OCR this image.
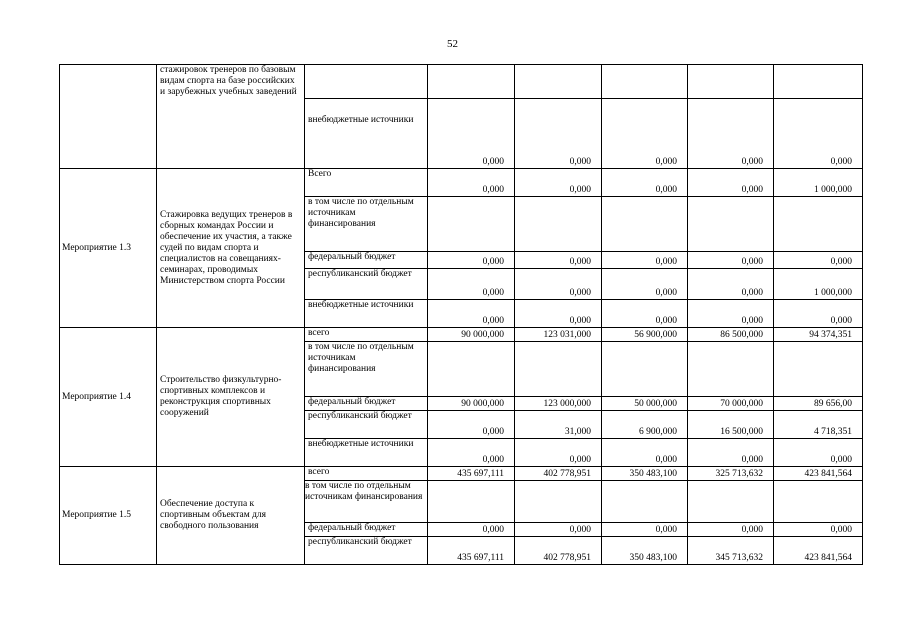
52
	стажировок тренеров по базовым видам спорта на базе российских и зарубежных учебных заведений						
		внебюджетные источники	0,000	0,000	0,000	0,000	0,000
Мероприятие 1.3	Стажировка ведущих тренеров в сборных командах России и обеспечение их участия, а также судей по видам спорта и специалистов на совещаниях-семинарах, проводимых Министерством спорта России	Всего	0,000	0,000	0,000	0,000	1 000,000
		в том числе по отдельным источникам финансирования					
		федеральный бюджет	0,000	0,000	0,000	0,000	0,000
		республиканский бюджет	0,000	0,000	0,000	0,000	1 000,000
		внебюджетные источники	0,000	0,000	0,000	0,000	0,000
Мероприятие 1.4	Строительство физкультурно-спортивных комплексов и реконструкция спортивных сооружений	всего	90 000,000	123 031,000	56 900,000	86 500,000	94 374,351
		в том числе по отдельным источникам финансирования					
		федеральный бюджет	90 000,000	123 000,000	50 000,000	70 000,000	89 656,00
		республиканский бюджет	0,000	31,000	6 900,000	16 500,000	4 718,351
		внебюджетные источники	0,000	0,000	0,000	0,000	0,000
Мероприятие 1.5	Обеспечение доступа к спортивным объектам для свободного пользования	всего	435 697,111	402 778,951	350 483,100	325 713,632	423 841,564
		в том числе по отдельным источникам финансирования					
		федеральный бюджет	0,000	0,000	0,000	0,000	0,000
		республиканский бюджет	435 697,111	402 778,951	350 483,100	345 713,632	423 841,564
